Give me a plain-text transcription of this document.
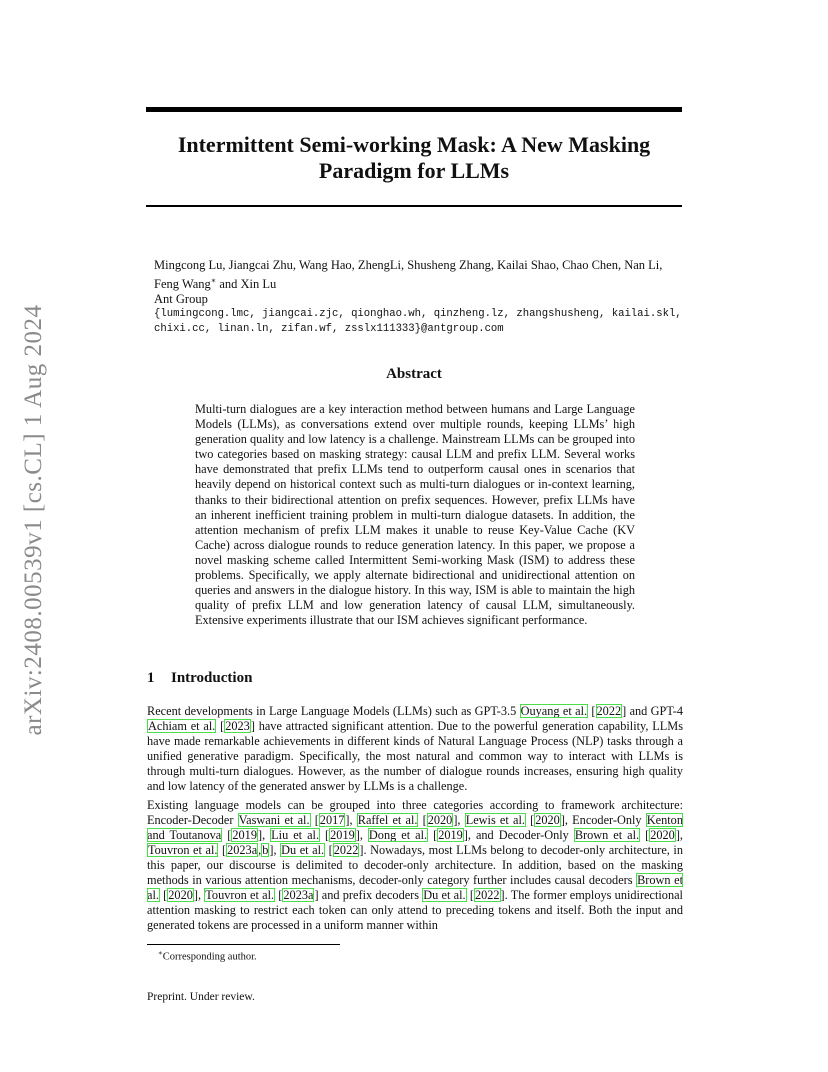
Intermittent Semi-working Mask: A New Masking Paradigm for LLMs
arXiv:2408.00539v1 [cs.CL] 1 Aug 2024
Mingcong Lu, Jiangcai Zhu, Wang Hao, ZhengLi, Shusheng Zhang, Kailai Shao, Chao Chen, Nan Li,
Feng Wang∗ and Xin Lu
Ant Group
{lumingcong.lmc, jiangcai.zjc, qionghao.wh, qinzheng.lz, zhangshusheng, kailai.skl,
chixi.cc, linan.ln, zifan.wf, zsslx111333}@antgroup.com
Abstract
Multi-turn dialogues are a key interaction method between humans and Large Language Models (LLMs), as conversations extend over multiple rounds, keeping LLMs’ high generation quality and low latency is a challenge. Mainstream LLMs can be grouped into two categories based on masking strategy: causal LLM and prefix LLM. Several works have demonstrated that prefix LLMs tend to outperform causal ones in scenarios that heavily depend on historical context such as multi-turn dialogues or in-context learning, thanks to their bidirectional attention on prefix sequences. However, prefix LLMs have an inherent inefficient training problem in multi-turn dialogue datasets. In addition, the attention mechanism of prefix LLM makes it unable to reuse Key-Value Cache (KV Cache) across dialogue rounds to reduce generation latency. In this paper, we propose a novel masking scheme called Intermittent Semi-working Mask (ISM) to address these problems. Specifically, we apply alternate bidirectional and unidirectional attention on queries and answers in the dialogue history. In this way, ISM is able to maintain the high quality of prefix LLM and low generation latency of causal LLM, simultaneously. Extensive experiments illustrate that our ISM achieves significant performance.
1 Introduction

Recent developments in Large Language Models (LLMs) such as GPT-3.5 Ouyang et al. [2022] and GPT-4 Achiam et al. [2023] have attracted significant attention. Due to the powerful generation capability, LLMs have made remarkable achievements in different kinds of Natural Language Process (NLP) tasks through a unified generative paradigm. Specifically, the most natural and common way to interact with LLMs is through multi-turn dialogues. However, as the number of dialogue rounds increases, ensuring high quality and low latency of the generated answer by LLMs is a challenge.

Existing language models can be grouped into three categories according to framework architecture: Encoder-Decoder Vaswani et al. [2017], Raffel et al. [2020], Lewis et al. [2020], Encoder-Only Kenton and Toutanova [2019], Liu et al. [2019], Dong et al. [2019], and Decoder-Only Brown et al. [2020], Touvron et al. [2023a,b], Du et al. [2022]. Nowadays, most LLMs belong to decoder-only architecture, in this paper, our discourse is delimited to decoder-only architecture. In addition, based on the masking methods in various attention mechanisms, decoder-only category further includes causal decoders Brown et al. [2020], Touvron et al. [2023a] and prefix decoders Du et al. [2022]. The former employs unidirectional attention masking to restrict each token can only attend to preceding tokens and itself. Both the input and generated tokens are processed in a uniform manner within

∗Corresponding author.
Preprint. Under review.
